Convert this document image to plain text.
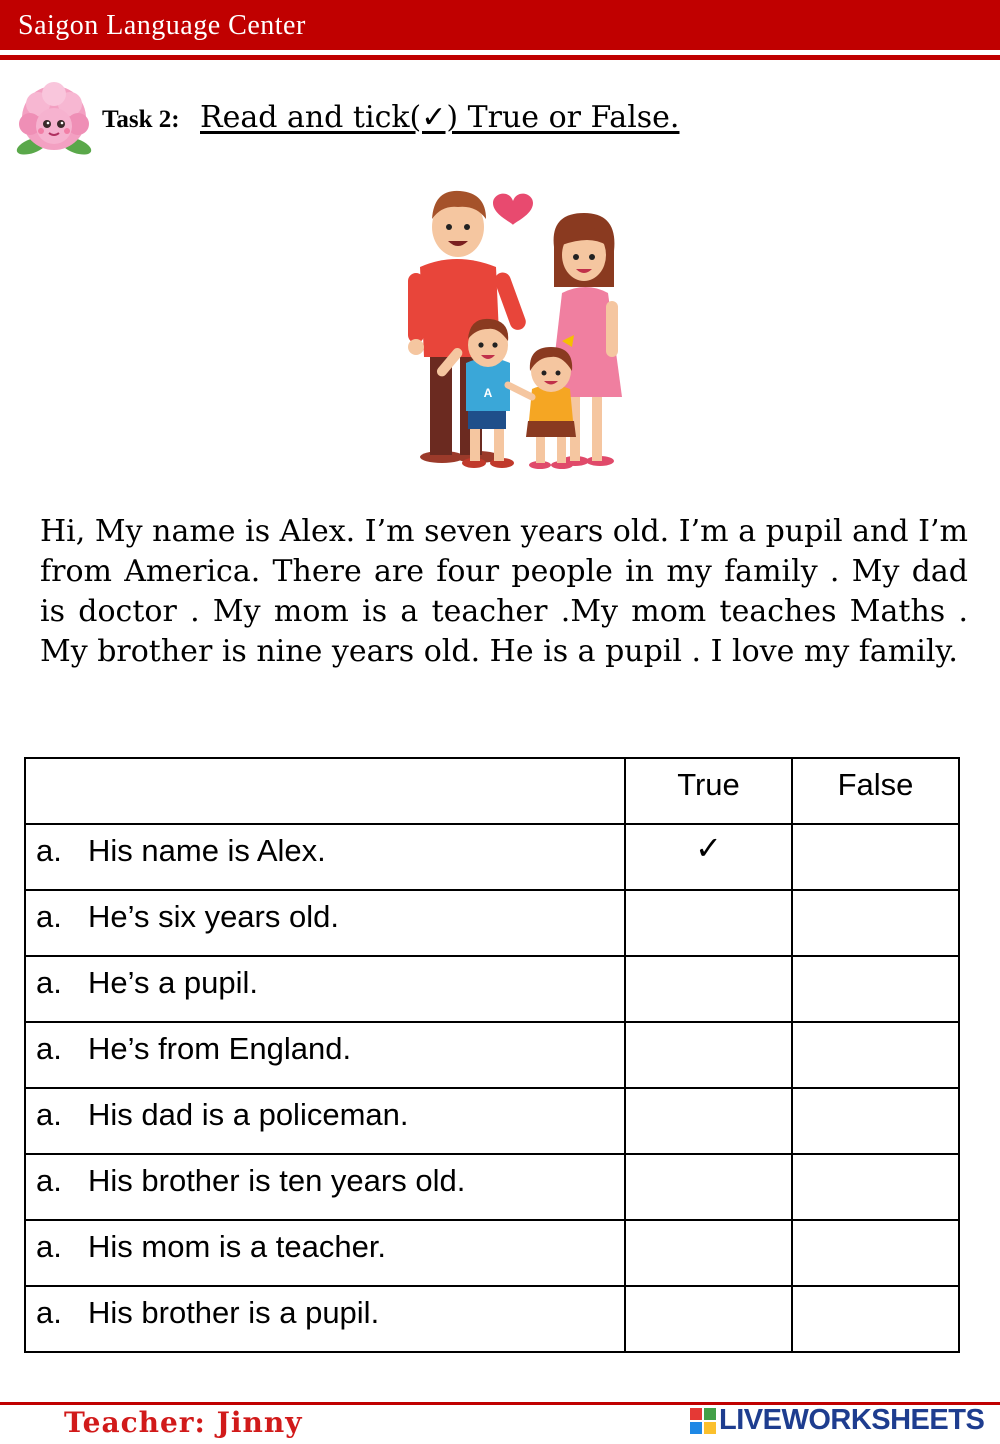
Saigon Language Center
Task 2: Read and tick(✓) True or False.
A

Hi, My name is Alex. I’m seven years old. I’m a pupil and I’m from America. There are four people in my family . My dad is doctor . My mom is a teacher .My mom teaches Maths . My brother is nine years old. He is a pupil . I love my family.

	True	False

a. His name is Alex.	✓	

a. He’s six years old.		

a. He’s a pupil.		

a. He’s from England.		

a. His dad is a policeman.		

a. His brother is ten years old.		

a. His mom is a teacher.		

a. His brother is a pupil.		

Teacher: Jinny	LIVEWORKSHEETS
